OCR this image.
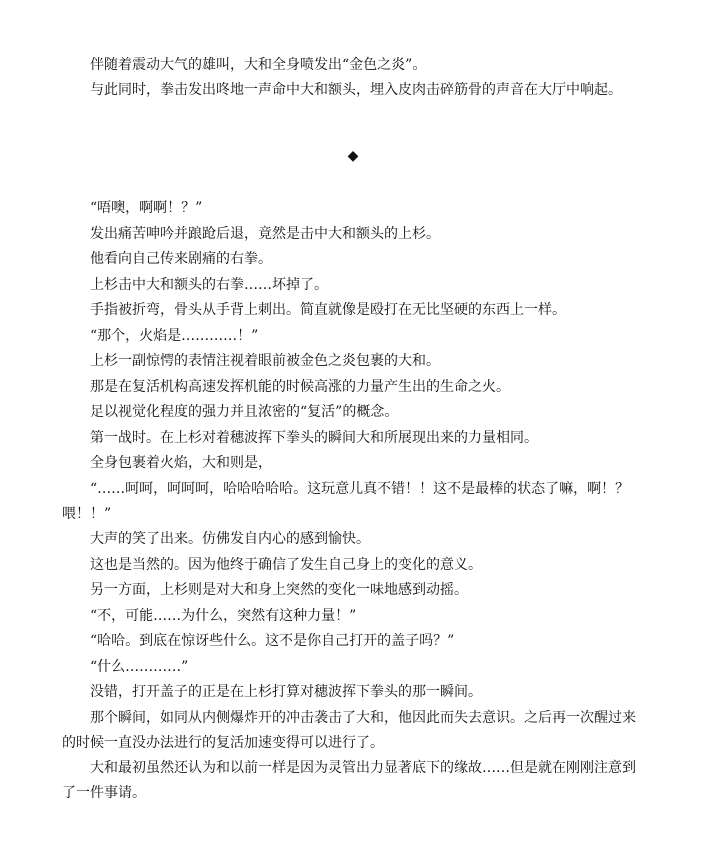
伴随着震动大气的雄叫，大和全身喷发出“金色之炎”。

与此同时，拳击发出咚地一声命中大和额头，埋入皮肉击碎筋骨的声音在大厅中响起。

◆

“唔噢，啊啊！？”

发出痛苦呻吟并踉跄后退，竟然是击中大和额头的上杉。

他看向自己传来剧痛的右拳。

上杉击中大和额头的右拳……坏掉了。

手指被折弯，骨头从手背上刺出。简直就像是殴打在无比坚硬的东西上一样。

“那个，火焰是…………！”

上杉一副惊愕的表情注视着眼前被金色之炎包裹的大和。

那是在复活机构高速发挥机能的时候高涨的力量产生出的生命之火。

足以视觉化程度的强力并且浓密的“复活”的概念。

第一战时。在上杉对着穗波挥下拳头的瞬间大和所展现出来的力量相同。

全身包裹着火焰，大和则是，

“……呵呵，呵呵呵，哈哈哈哈哈。这玩意儿真不错！！这不是最棒的状态了嘛，啊！？喂！！”

大声的笑了出来。仿佛发自内心的感到愉快。

这也是当然的。因为他终于确信了发生自己身上的变化的意义。

另一方面，上杉则是对大和身上突然的变化一味地感到动摇。

“不，可能……为什么，突然有这种力量！”

“哈哈。到底在惊讶些什么。这不是你自己打开的盖子吗？”

“什么…………”

没错，打开盖子的正是在上杉打算对穗波挥下拳头的那一瞬间。

那个瞬间，如同从内侧爆炸开的冲击袭击了大和，他因此而失去意识。之后再一次醒过来的时候一直没办法进行的复活加速变得可以进行了。

大和最初虽然还认为和以前一样是因为灵管出力显著底下的缘故……但是就在刚刚注意到了一件事请。
